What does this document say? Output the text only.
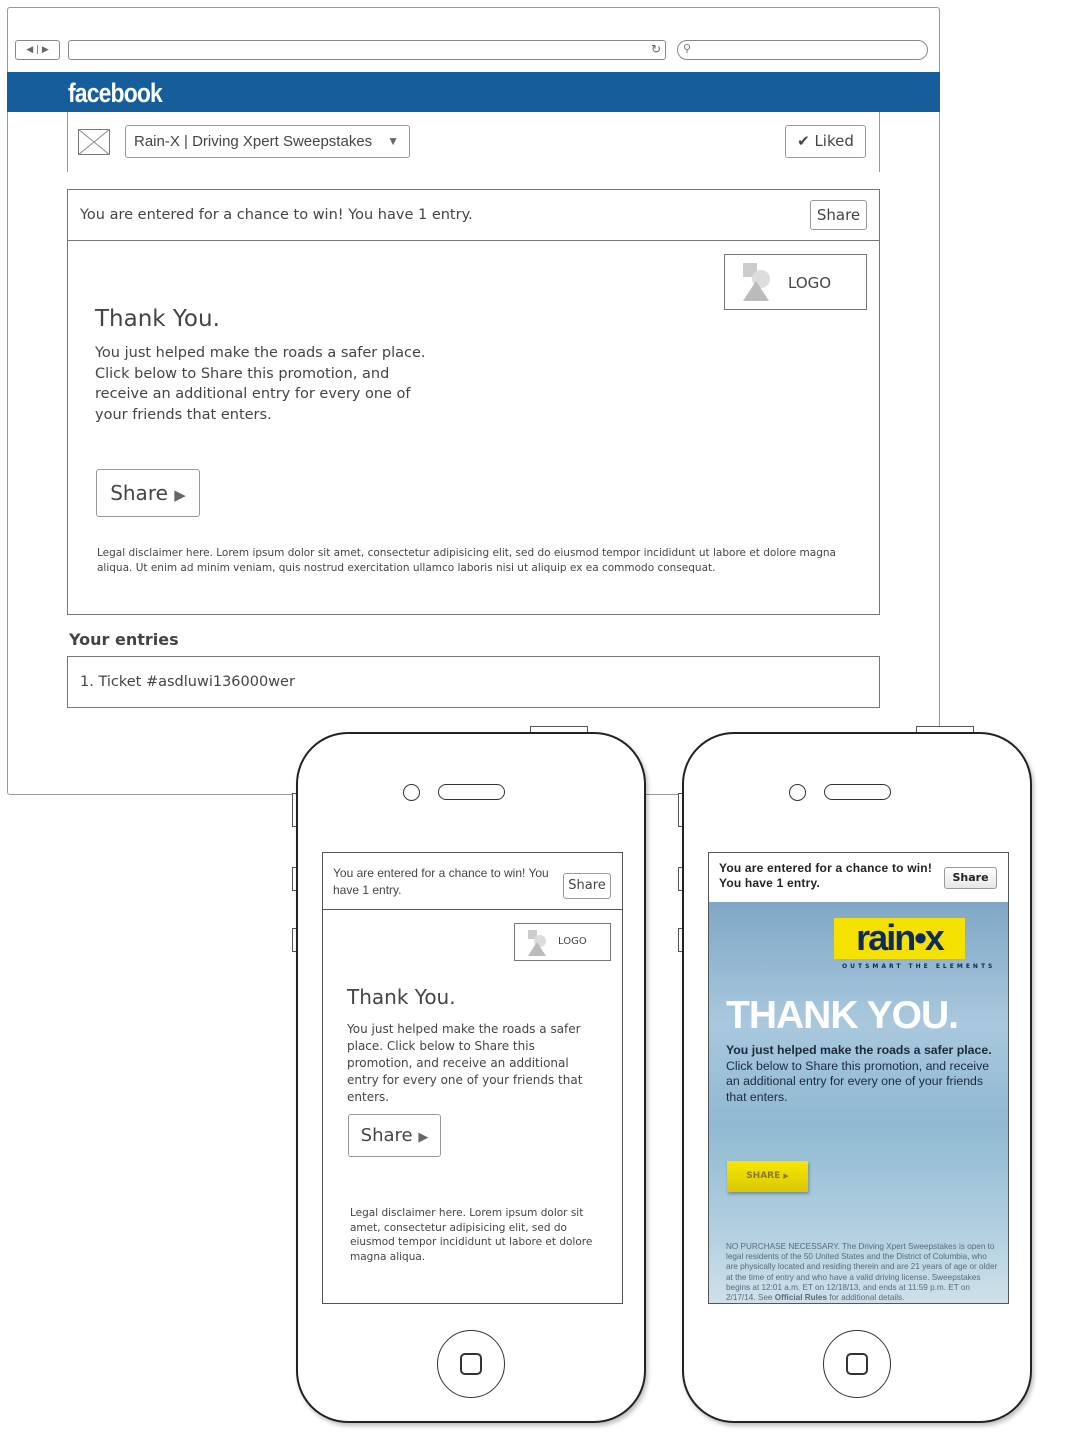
◀ | ▶	↻ ⚲
facebook
Rain-X | Driving Xpert Sweepstakes ▼	✔ Liked
You are entered for a chance to win! You have 1 entry.	Share
LOGO
Thank You.
You just helped make the roads a safer place. Click below to Share this promotion, and receive an additional entry for every one of your friends that enters.
Share ▶
Legal disclaimer here. Lorem ipsum dolor sit amet, consectetur adipisicing elit, sed do eiusmod tempor incididunt ut labore et dolore magna aliqua. Ut enim ad minim veniam, quis nostrud exercitation ullamco laboris nisi ut aliquip ex ea commodo consequat.
Your entries
1. Ticket #asdluwi136000wer
You are entered for a chance to win! You have 1 entry.	Share
LOGO
Thank You.
You just helped make the roads a safer place. Click below to Share this promotion, and receive an additional entry for every one of your friends that enters.
Share ▶
Legal disclaimer here. Lorem ipsum dolor sit amet, consectetur adipisicing elit, sed do eiusmod tempor incididunt ut labore et dolore magna aliqua.
You are entered for a chance to win! You have 1 entry.	Share
rain•x
OUTSMART THE ELEMENTS
THANK YOU.
You just helped make the roads a safer place.
Click below to Share this promotion, and receive an additional entry for every one of your friends that enters.
SHARE ▶
NO PURCHASE NECESSARY. The Driving Xpert Sweepstakes is open to legal residents of the 50 United States and the District of Columbia, who are physically located and residing therein and are 21 years of age or older at the time of entry and who have a valid driving license. Sweepstakes begins at 12:01 a.m. ET on 12/18/13, and ends at 11:59 p.m. ET on 2/17/14. See Official Rules for additional details.
